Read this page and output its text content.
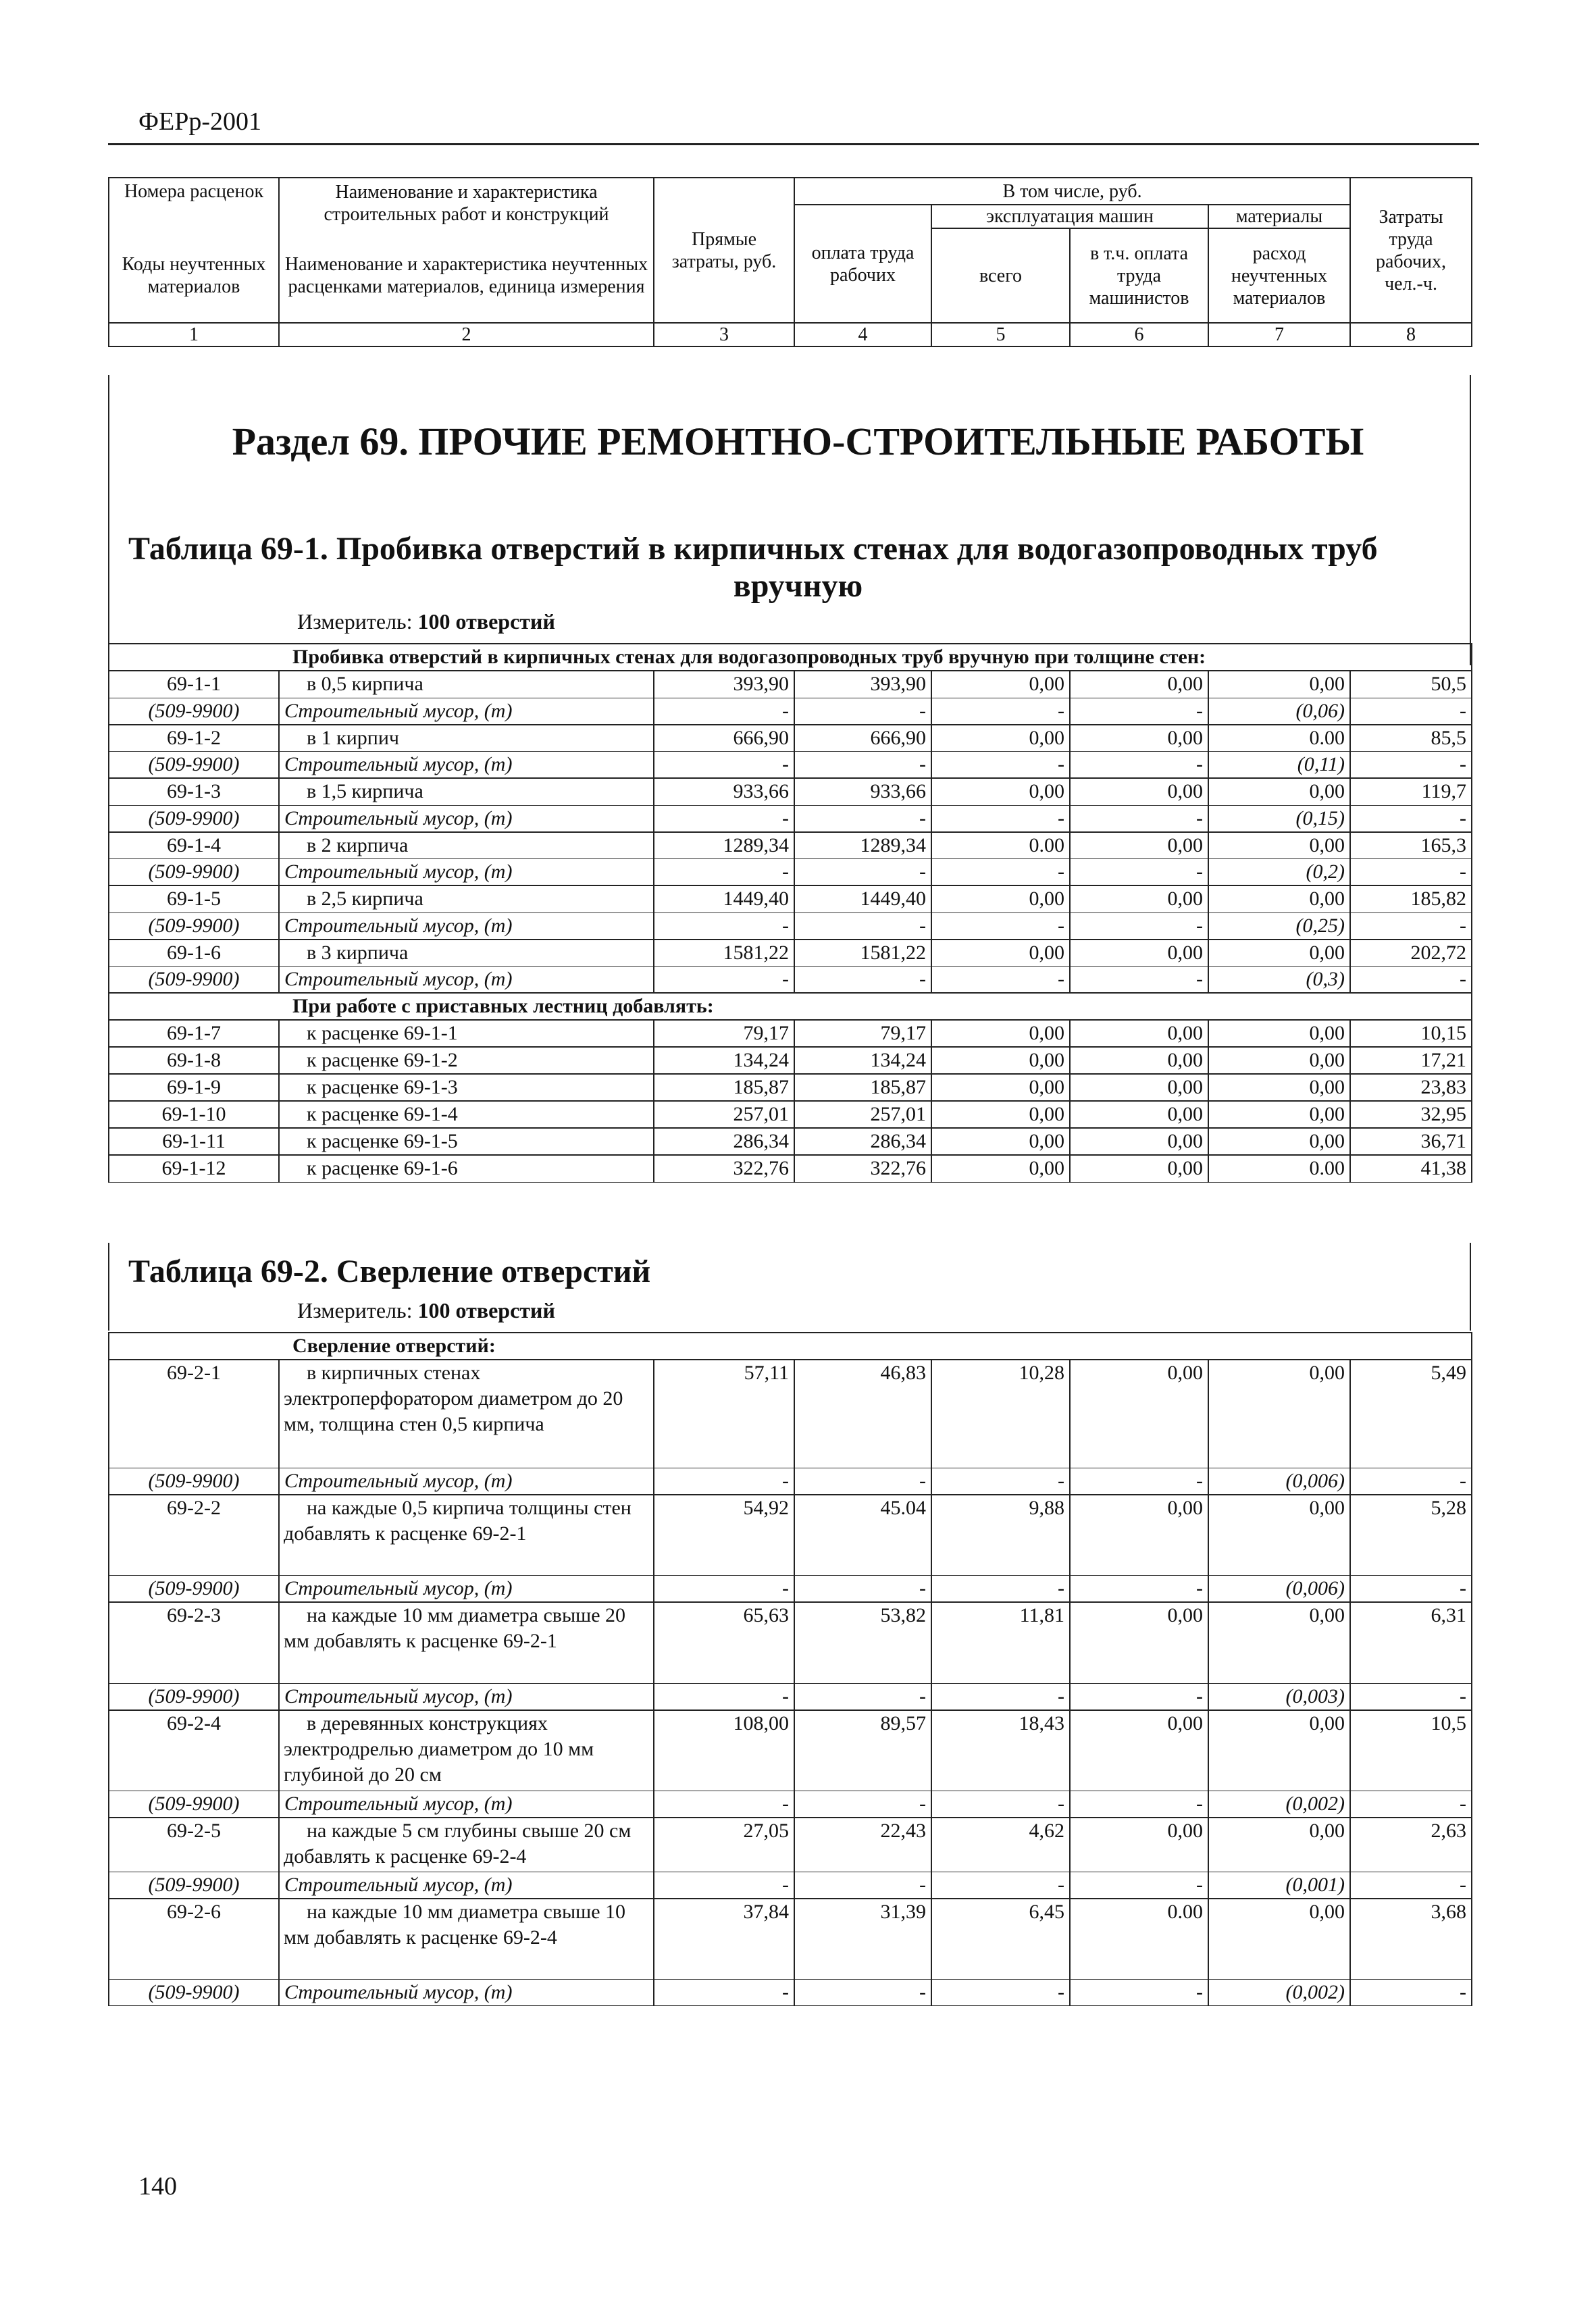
ФЕРр-2001
Номера расценок	Наименование и характеристика строительных работ и конструкций	Прямые затраты, руб.	В том числе, руб.				Затраты труда рабочих, чел.-ч.
			оплата труда рабочих	эксплуатация машин		материалы	
Коды неучтенных материалов	Наименование и характеристика неучтенных расценками материалов, единица измерения			всего	в т.ч. оплата труда машинистов	расход неучтенных материалов	

1	2	3	4	5	6	7	8
Раздел 69. ПРОЧИЕ РЕМОНТНО-СТРОИТЕЛЬНЫЕ РАБОТЫ
Таблица 69-1. Пробивка отверстий в кирпичных стенах для водогазопроводных труб
вручную
Измеритель: 100 отверстий
	Пробивка отверстий в кирпичных стенах для водогазопроводных труб вручную при толщине стен:						
69-1-1	в 0,5 кирпича	393,90	393,90	0,00	0,00	0,00	50,5
(509-9900)	Строительный мусор, (т)	-	-	-	-	(0,06)	-
69-1-2	в 1 кирпич	666,90	666,90	0,00	0,00	0.00	85,5
(509-9900)	Строительный мусор, (т)	-	-	-	-	(0,11)	-
69-1-3	в 1,5 кирпича	933,66	933,66	0,00	0,00	0,00	119,7
(509-9900)	Строительный мусор, (т)	-	-	-	-	(0,15)	-
69-1-4	в 2 кирпича	1289,34	1289,34	0.00	0,00	0,00	165,3
(509-9900)	Строительный мусор, (т)	-	-	-	-	(0,2)	-
69-1-5	в 2,5 кирпича	1449,40	1449,40	0,00	0,00	0,00	185,82
(509-9900)	Строительный мусор, (т)	-	-	-	-	(0,25)	-
69-1-6	в 3 кирпича	1581,22	1581,22	0,00	0,00	0,00	202,72
(509-9900)	Строительный мусор, (т)	-	-	-	-	(0,3)	-
	При работе с приставных лестниц добавлять:						
69-1-7	к расценке 69-1-1	79,17	79,17	0,00	0,00	0,00	10,15
69-1-8	к расценке 69-1-2	134,24	134,24	0,00	0,00	0,00	17,21
69-1-9	к расценке 69-1-3	185,87	185,87	0,00	0,00	0,00	23,83
69-1-10	к расценке 69-1-4	257,01	257,01	0,00	0,00	0,00	32,95
69-1-11	к расценке 69-1-5	286,34	286,34	0,00	0,00	0,00	36,71
69-1-12	к расценке 69-1-6	322,76	322,76	0,00	0,00	0.00	41,38
Таблица 69-2. Сверление отверстий
Измеритель: 100 отверстий
	Сверление отверстий:						
69-2-1	в кирпичных стенах электроперфоратором диаметром до 20 мм, толщина стен 0,5 кирпича	57,11	46,83	10,28	0,00	0,00	5,49
(509-9900)	Строительный мусор, (т)	-	-	-	-	(0,006)	-
69-2-2	на каждые 0,5 кирпича толщины стен добавлять к расценке 69-2-1	54,92	45.04	9,88	0,00	0,00	5,28
(509-9900)	Строительный мусор, (т)	-	-	-	-	(0,006)	-
69-2-3	на каждые 10 мм диаметра свыше 20 мм добавлять к расценке 69-2-1	65,63	53,82	11,81	0,00	0,00	6,31
(509-9900)	Строительный мусор, (т)	-	-	-	-	(0,003)	-
69-2-4	в деревянных конструкциях электродрелью диаметром до 10 мм глубиной до 20 см	108,00	89,57	18,43	0,00	0,00	10,5
(509-9900)	Строительный мусор, (т)	-	-	-	-	(0,002)	-
69-2-5	на каждые 5 см глубины свыше 20 см добавлять к расценке 69-2-4	27,05	22,43	4,62	0,00	0,00	2,63
(509-9900)	Строительный мусор, (т)	-	-	-	-	(0,001)	-
69-2-6	на каждые 10 мм диаметра свыше 10 мм добавлять к расценке 69-2-4	37,84	31,39	6,45	0.00	0,00	3,68
(509-9900)	Строительный мусор, (т)	-	-	-	-	(0,002)	-
140
